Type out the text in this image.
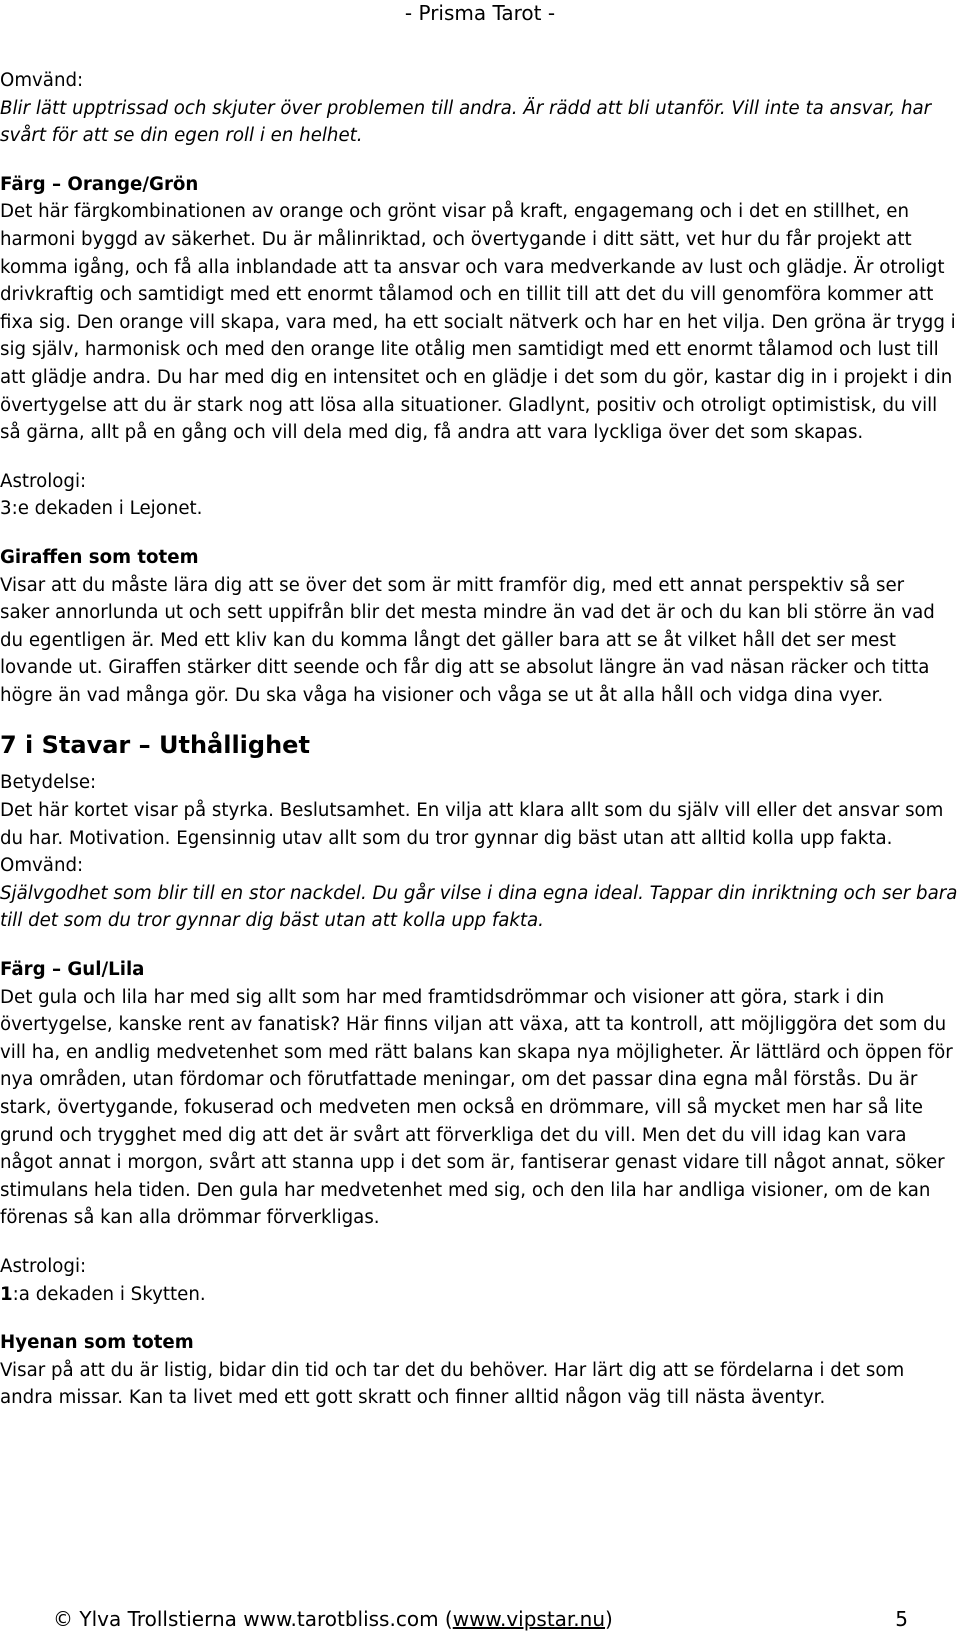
- Prisma Tarot -

Omvänd:

Blir lätt upptrissad och skjuter över problemen till andra. Är rädd att bli utanför. Vill inte ta ansvar, har svårt för att se din egen roll i en helhet.

Färg – Orange/Grön

Det här färgkombinationen av orange och grönt visar på kraft, engagemang och i det en stillhet, en harmoni byggd av säkerhet. Du är målinriktad, och övertygande i ditt sätt, vet hur du får projekt att komma igång, och få alla inblandade att ta ansvar och vara medverkande av lust och glädje. Är otroligt drivkraftig och samtidigt med ett enormt tålamod och en tillit till att det du vill genomföra kommer att fixa sig. Den orange vill skapa, vara med, ha ett socialt nätverk och har en het vilja. Den gröna är trygg i sig själv, harmonisk och med den orange lite otålig men samtidigt med ett enormt tålamod och lust till att glädje andra. Du har med dig en intensitet och en glädje i det som du gör, kastar dig in i projekt i din övertygelse att du är stark nog att lösa alla situationer. Gladlynt, positiv och otroligt optimistisk, du vill så gärna, allt på en gång och vill dela med dig, få andra att vara lyckliga över det som skapas.

Astrologi:

3:e dekaden i Lejonet.

Giraffen som totem

Visar att du måste lära dig att se över det som är mitt framför dig, med ett annat perspektiv så ser saker annorlunda ut och sett uppifrån blir det mesta mindre än vad det är och du kan bli större än vad du egentligen är. Med ett kliv kan du komma långt det gäller bara att se åt vilket håll det ser mest lovande ut. Giraffen stärker ditt seende och får dig att se absolut längre än vad näsan räcker och titta högre än vad många gör. Du ska våga ha visioner och våga se ut åt alla håll och vidga dina vyer.

7 i Stavar – Uthållighet

Betydelse:

Det här kortet visar på styrka. Beslutsamhet. En vilja att klara allt som du själv vill eller det ansvar som du har. Motivation. Egensinnig utav allt som du tror gynnar dig bäst utan att alltid kolla upp fakta.

Omvänd:

Självgodhet som blir till en stor nackdel. Du går vilse i dina egna ideal. Tappar din inriktning och ser bara till det som du tror gynnar dig bäst utan att kolla upp fakta.

Färg – Gul/Lila

Det gula och lila har med sig allt som har med framtidsdrömmar och visioner att göra, stark i din övertygelse, kanske rent av fanatisk? Här finns viljan att växa, att ta kontroll, att möjliggöra det som du vill ha, en andlig medvetenhet som med rätt balans kan skapa nya möjligheter. Är lättlärd och öppen för nya områden, utan fördomar och förutfattade meningar, om det passar dina egna mål förstås. Du är stark, övertygande, fokuserad och medveten men också en drömmare, vill så mycket men har så lite grund och trygghet med dig att det är svårt att förverkliga det du vill. Men det du vill idag kan vara något annat i morgon, svårt att stanna upp i det som är, fantiserar genast vidare till något annat, söker stimulans hela tiden. Den gula har medvetenhet med sig, och den lila har andliga visioner, om de kan förenas så kan alla drömmar förverkligas.

Astrologi:

1:a dekaden i Skytten.

Hyenan som totem

Visar på att du är listig, bidar din tid och tar det du behöver. Har lärt dig att se fördelarna i det som andra missar. Kan ta livet med ett gott skratt och finner alltid någon väg till nästa äventyr.

© Ylva Trollstierna www.tarotbliss.com (www.vipstar.nu)	5
